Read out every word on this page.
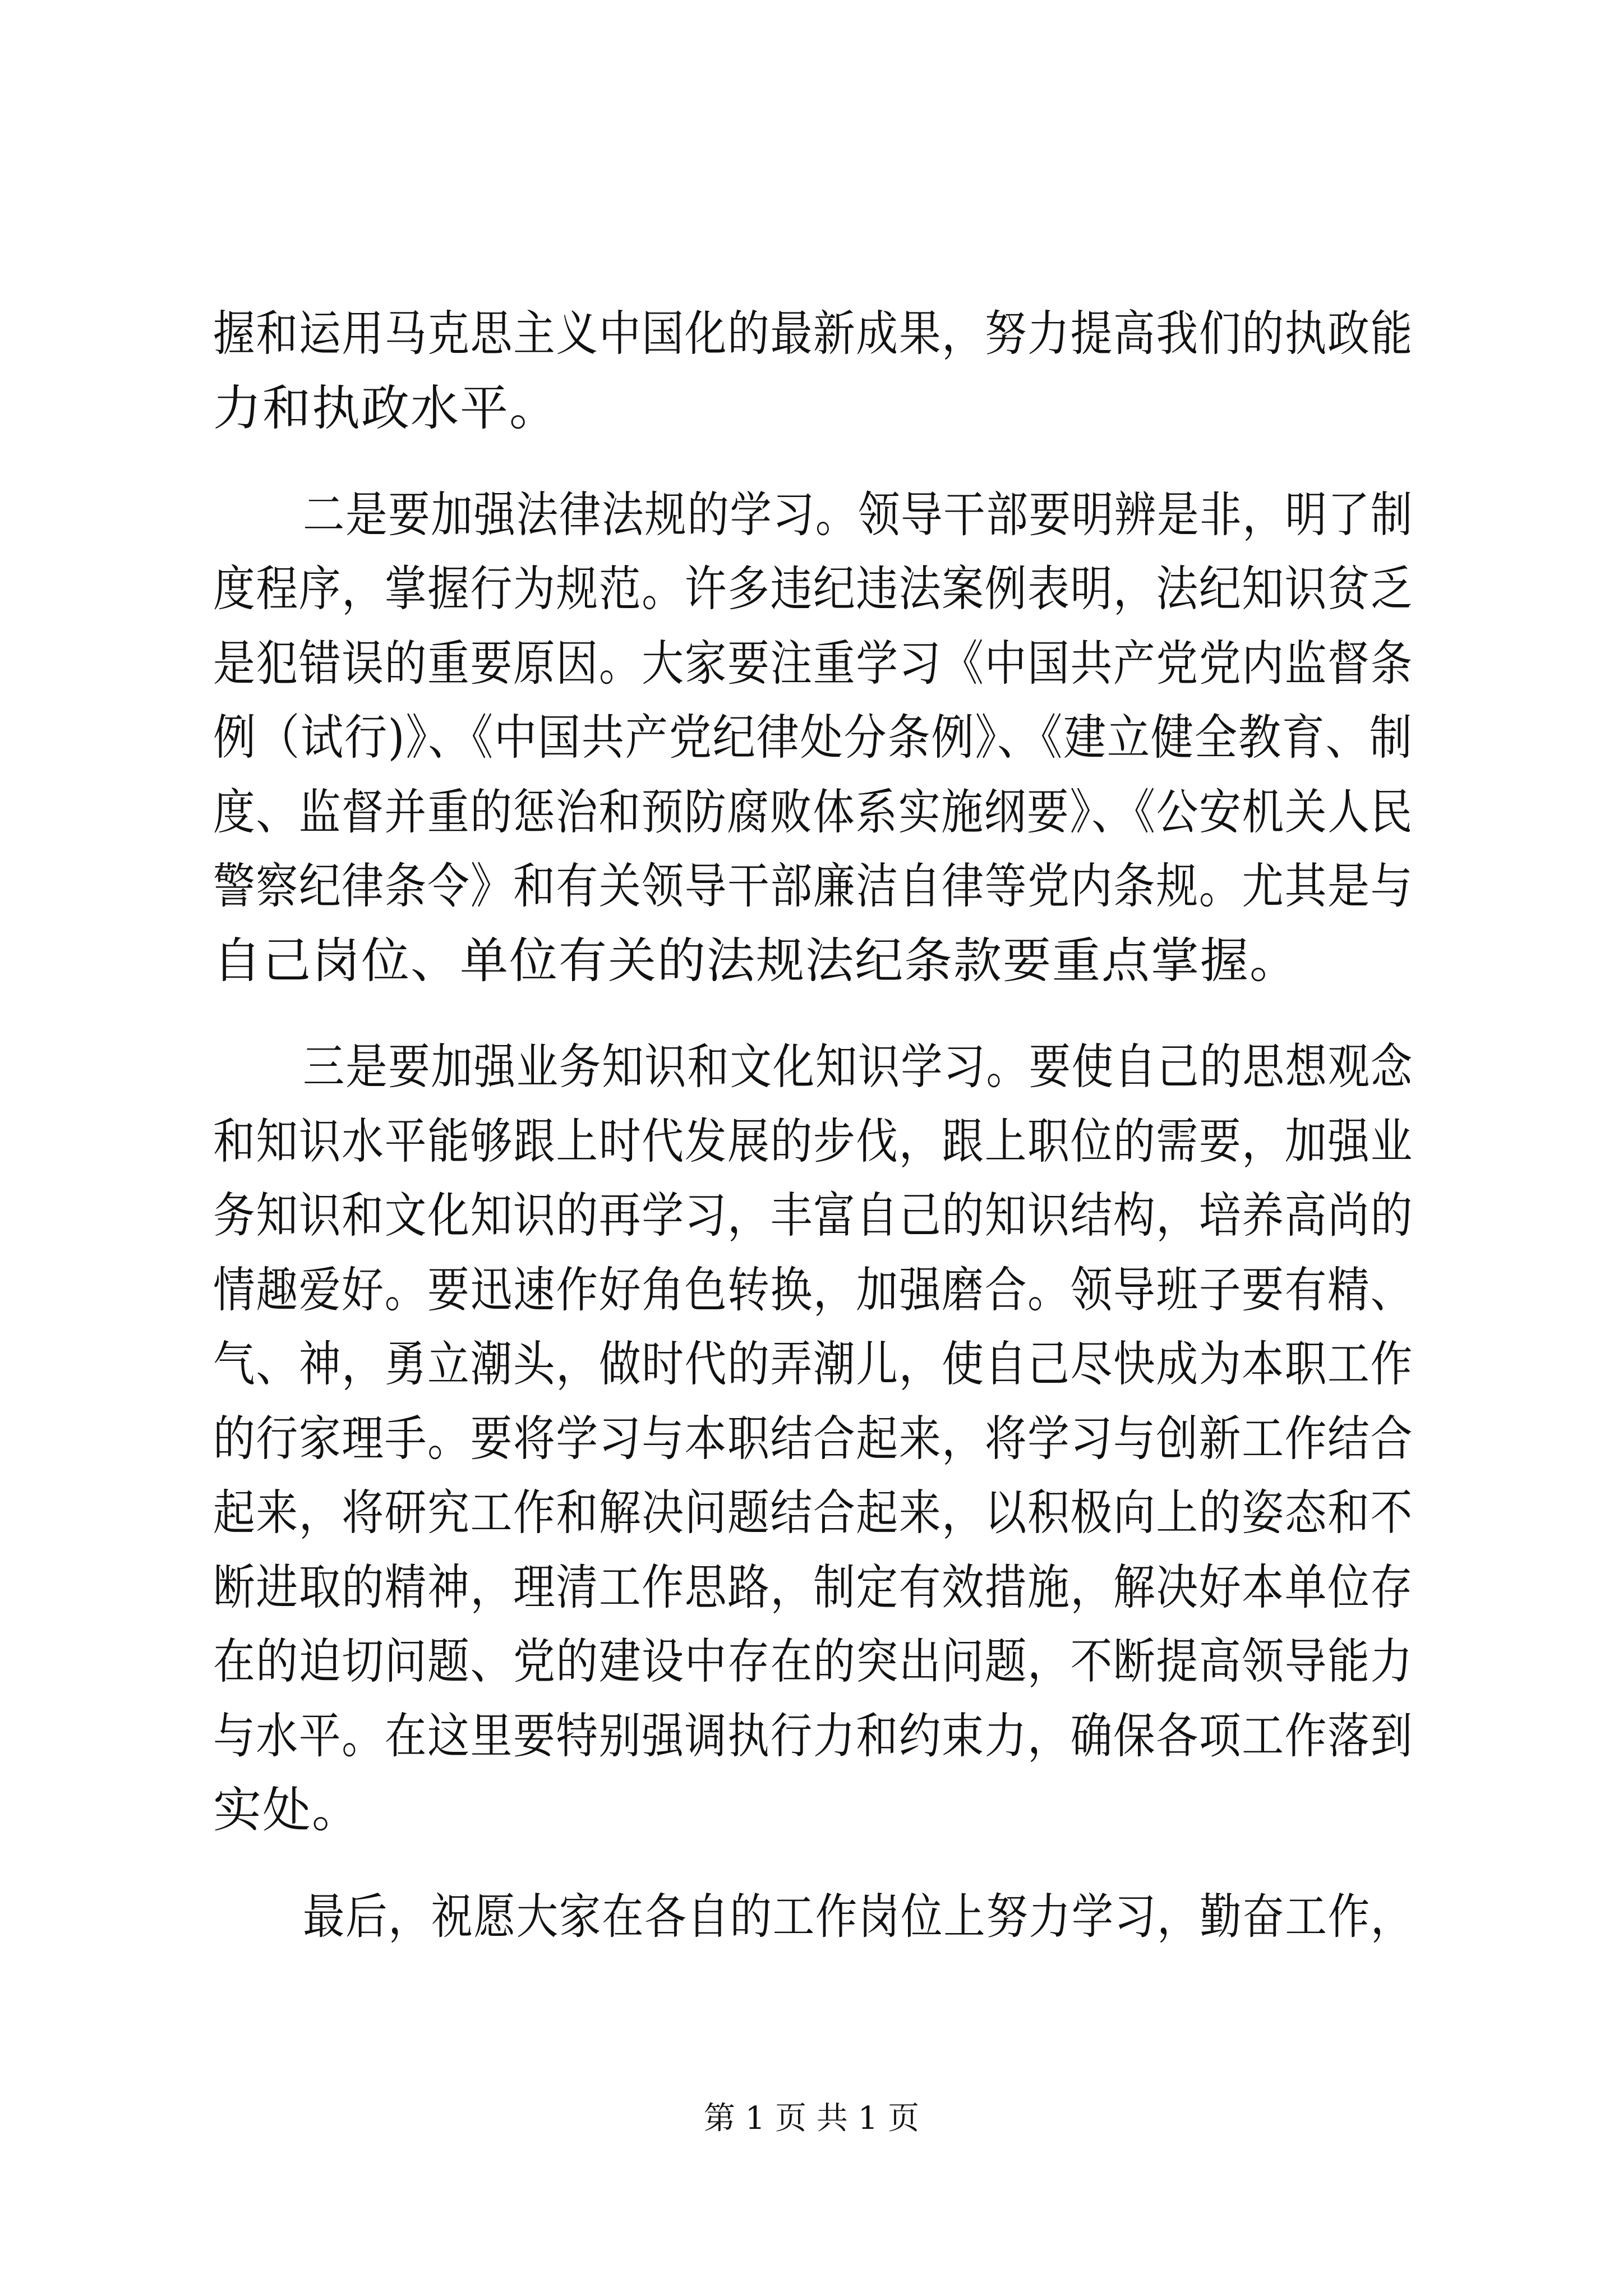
握和运用马克思主义中国化的最新成果，努力提高我们的执政能
力和执政水平。
二是要加强法律法规的学习。领导干部要明辨是非，明了制
度程序，掌握行为规范。许多违纪违法案例表明，法纪知识贫乏
是犯错误的重要原因。大家要注重学习《中国共产党党内监督条
例（试行)》、《中国共产党纪律处分条例》、《建立健全教育、制
度、监督并重的惩治和预防腐败体系实施纲要》、《公安机关人民
警察纪律条令》和有关领导干部廉洁自律等党内条规。尤其是与
自己岗位、单位有关的法规法纪条款要重点掌握。
三是要加强业务知识和文化知识学习。要使自己的思想观念
和知识水平能够跟上时代发展的步伐，跟上职位的需要，加强业
务知识和文化知识的再学习，丰富自己的知识结构，培养高尚的
情趣爱好。要迅速作好角色转换，加强磨合。领导班子要有精、
气、神，勇立潮头，做时代的弄潮儿，使自己尽快成为本职工作
的行家理手。要将学习与本职结合起来，将学习与创新工作结合
起来，将研究工作和解决问题结合起来，以积极向上的姿态和不
断进取的精神，理清工作思路，制定有效措施，解决好本单位存
在的迫切问题、党的建设中存在的突出问题，不断提高领导能力
与水平。在这里要特别强调执行力和约束力，确保各项工作落到
实处。
最后，祝愿大家在各自的工作岗位上努力学习，勤奋工作，
第 1 页 共 1 页
